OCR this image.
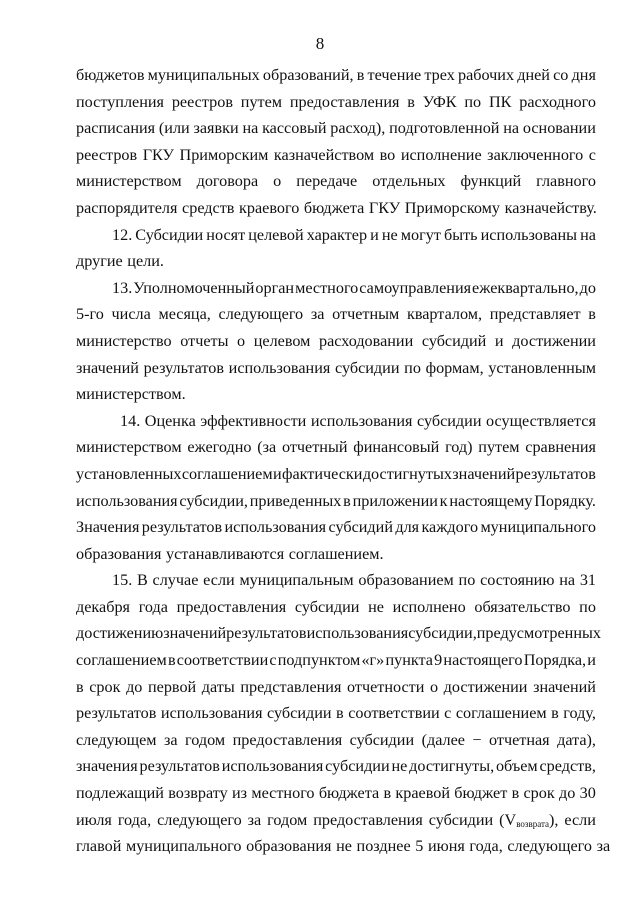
8
бюджетов муниципальных образований, в течение трех рабочих дней со дня
поступления реестров путем предоставления в УФК по ПК расходного
расписания (или заявки на кассовый расход), подготовленной на основании
реестров ГКУ Приморским казначейством во исполнение заключенного с
министерством договора о передаче отдельных функций главного
распорядителя средств краевого бюджета ГКУ Приморскому казначейству.
12. Субсидии носят целевой характер и не могут быть использованы на
другие цели.
13. Уполномоченный орган местного самоуправления ежеквартально, до
5-го числа месяца, следующего за отчетным кварталом, представляет в
министерство отчеты о целевом расходовании субсидий и достижении
значений результатов использования субсидии по формам, установленным
министерством.
14. Оценка эффективности использования субсидии осуществляется
министерством ежегодно (за отчетный финансовый год) путем сравнения
установленных соглашением и фактически достигнутых значений результатов
использования субсидии, приведенных в приложении к настоящему Порядку.
Значения результатов использования субсидий для каждого муниципального
образования устанавливаются соглашением.
15. В случае если муниципальным образованием по состоянию на 31
декабря года предоставления субсидии не исполнено обязательство по
достижению значений результатов использования субсидии, предусмотренных
соглашением в соответствии с подпунктом «г» пункта 9 настоящего Порядка, и
в срок до первой даты представления отчетности о достижении значений
результатов использования субсидии в соответствии с соглашением в году,
следующем за годом предоставления субсидии (далее − отчетная дата),
значения результатов использования субсидии не достигнуты, объем средств,
подлежащий возврату из местного бюджета в краевой бюджет в срок до 30
июля года, следующего за годом предоставления субсидии $(V_{возврата})$, если
главой муниципального образования не позднее 5 июня года, следующего за
